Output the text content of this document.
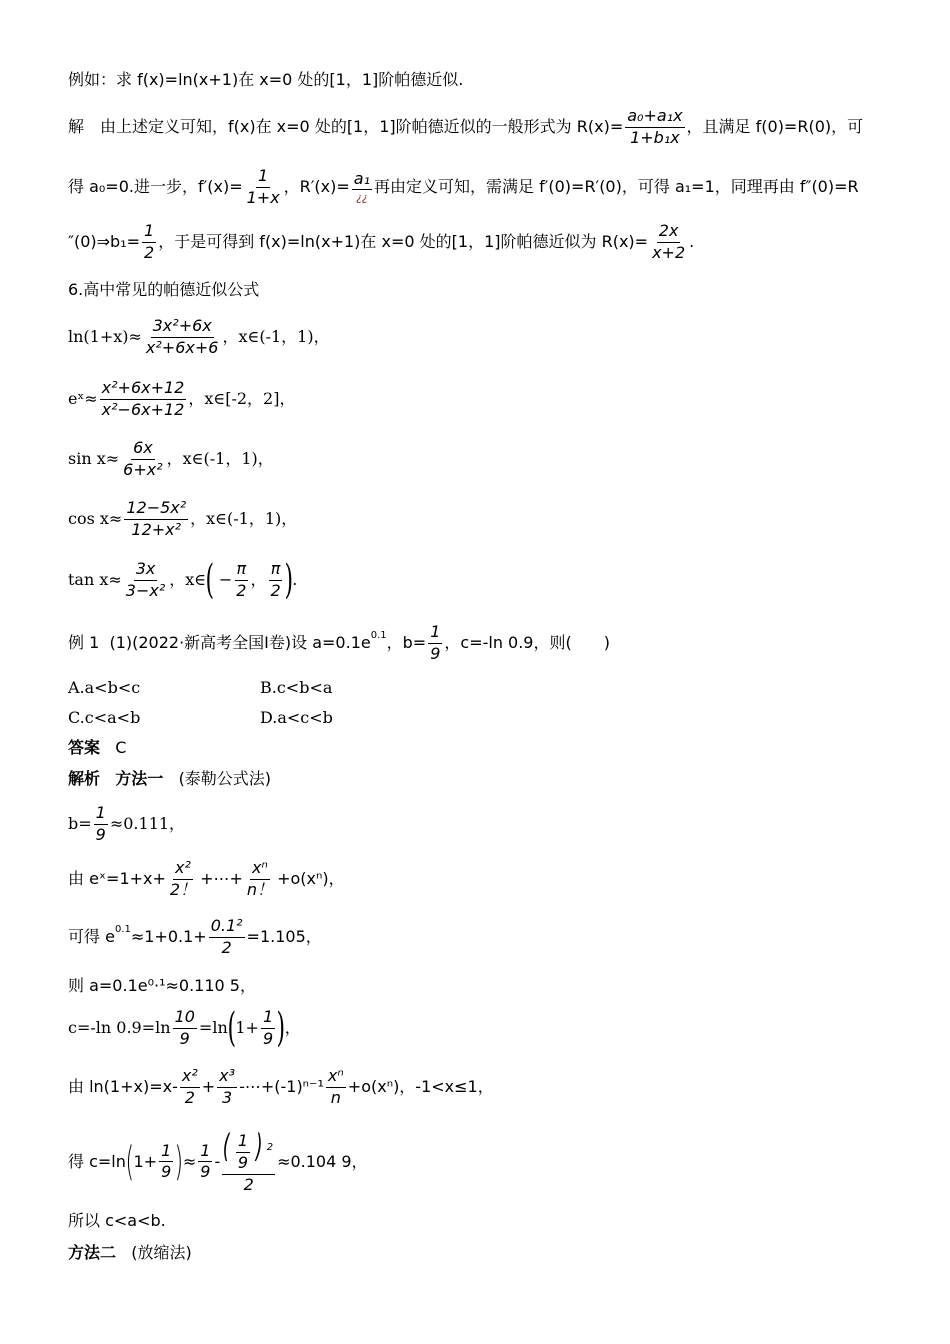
例如：求 f(x)=ln(x+1)在 x=0 处的[1，1]阶帕德近似.
解　由上述定义可知，f(x)在 x=0 处的[1，1]阶帕德近似的一般形式为 $R(x)= \frac{\text{a₀+a₁x}}{\text{1+b₁x}}$ ，且满足 f(0)=R(0)，可
得 a₀=0.进一步，$f'(x)= \frac{1}{1+x}$ ，$R'(x)= \frac{\text{a₁}}{¿¿}$ 再由定义可知，需满足 f′(0)=R′(0)，可得 a₁=1，同理再由 f″(0)=R
″(0)⇒b₁= $\frac{1}{2}$ ，于是可得到 f(x)=ln(x+1)在 x=0 处的[1，1]阶帕德近似为 $R(x)= \frac{2x}{x+2}$ .
6.高中常见的帕德近似公式
$\ln(1+x)\approx \frac{\text{3x²+6x}}{\text{x²+6x+6}}$ ，x∈(-1，1)，
eˣ≈ $\frac{\text{x²+6x+12}}{\text{x²−6x+12}}$ ，x∈[-2，2]，
$\sin x\approx \frac{6x}{\text{6+x²}}$ ，x∈(-1，1)，
$\cos x\approx \frac{\text{12−5x²}}{\text{12+x²}}$ ，x∈(-1，1)，
$\tan x\approx \frac{3x}{\text{3−x²}}$ ，x∈ ( − $\frac{\pi}{2}$ ， $\frac{\pi}{2}$ ) .
例 1
(1)(2022·新高考全国Ⅰ卷)设 a=0.1e 0.1 ，$b= \frac{1}{9}$ ，c=-ln 0.9，则(　　)
A.a<b<c	B.c<b<a
C.c<a<b	D.a<c<b
答案
C
解析
方法一
(泰勒公式法)
$b= \frac{1}{9} \approx 0.111$，
由 eˣ=1+x+ $\frac{\text{x²}}{2!}$ +⋯+ $\frac{\text{xⁿ}}{n!} +o(x^n)$，
可得 e $0.1 \approx 1+0.1+ \frac{\text{0.1²}}{2} =1.105$，
则 a=0.1e⁰·¹≈0.110 5，
c=-ln $0.9=\ln \frac{10}{9} =\ln$ ( $1+ \frac{1}{9}$ ) ，
由 $\ln(1+x)=x- \frac{\text{x²}}{2} + \frac{\text{x³}}{3}$ -⋯+(-1)ⁿ⁻¹ $\frac{\text{xⁿ}}{n} +o(x^n)$，-1<x≤1，
得 c=ln ( $1+ \frac{1}{9}$ ) ≈ $\frac{1}{9} - \frac{( \frac{1}{9} ) ^2}{2} \approx 0.104$ 9，
所以 c<a<b.
方法二
(放缩法)
